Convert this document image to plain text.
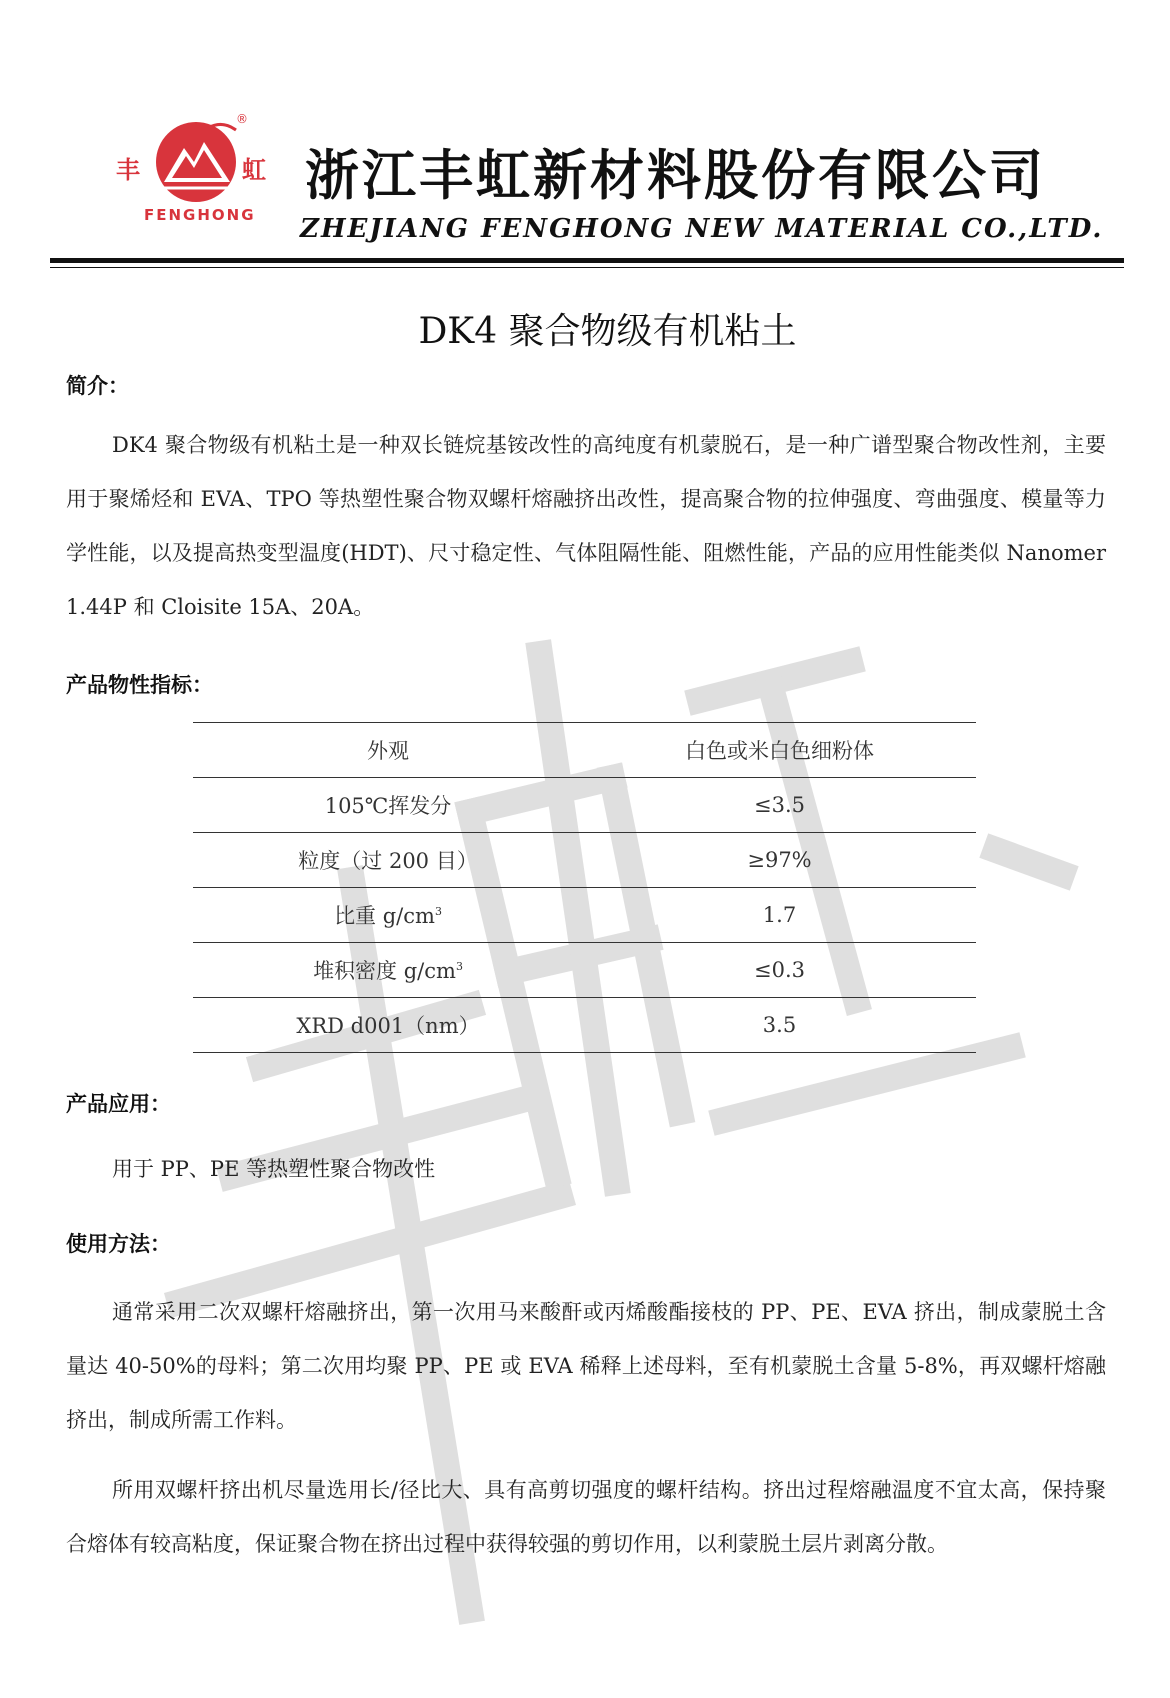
®
丰	虹
FENGHONG
浙江丰虹新材料股份有限公司
ZHEJIANG FENGHONG NEW MATERIAL CO.,LTD.
DK4 聚合物级有机粘土
简介：

DK4 聚合物级有机粘土是一种双长链烷基铵改性的高纯度有机蒙脱石，是一种广谱型聚合物改性剂，主要用于聚烯烃和 EVA、TPO 等热塑性聚合物双螺杆熔融挤出改性，提高聚合物的拉伸强度、弯曲强度、模量等力学性能，以及提高热变型温度(HDT)、尺寸稳定性、气体阻隔性能、阻燃性能，产品的应用性能类似 Nanomer 1.44P 和 Cloisite 15A、20A。

产品物性指标：
外观	白色或米白色细粉体
105℃挥发分	≤3.5
粒度（过 200 目）	≥97%
比重 $g/cm^3$	1.7
堆积密度 $g/cm^3$	≤0.3
XRD d001（nm）	3.5
产品应用：

用于 PP、PE 等热塑性聚合物改性

使用方法：

通常采用二次双螺杆熔融挤出，第一次用马来酸酐或丙烯酸酯接枝的 PP、PE、EVA 挤出，制成蒙脱土含量达 40-50%的母料；第二次用均聚 PP、PE 或 EVA 稀释上述母料，至有机蒙脱土含量 5-8%，再双螺杆熔融挤出，制成所需工作料。

所用双螺杆挤出机尽量选用长/径比大、具有高剪切强度的螺杆结构。挤出过程熔融温度不宜太高，保持聚合熔体有较高粘度，保证聚合物在挤出过程中获得较强的剪切作用，以利蒙脱土层片剥离分散。
